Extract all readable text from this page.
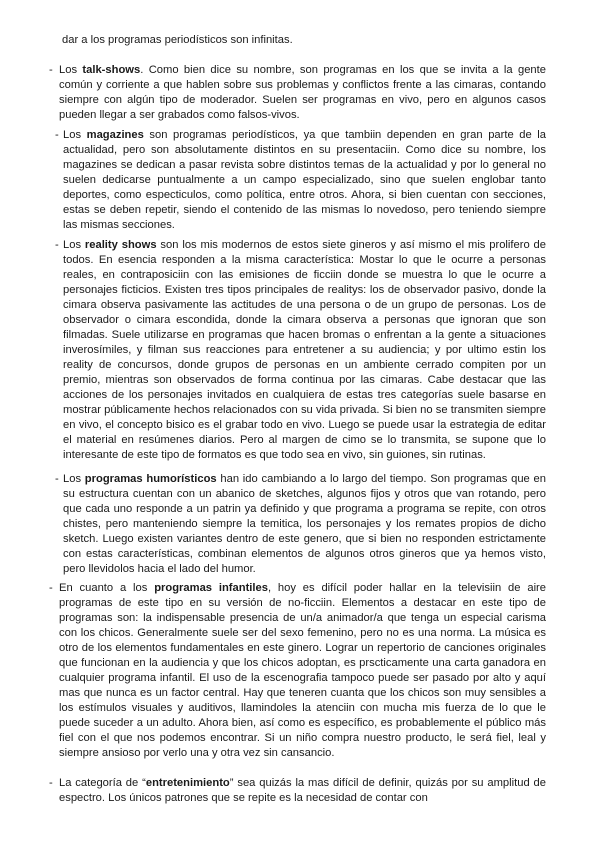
dar a los programas periodísticos son infinitas.

- Los talk-shows. Como bien dice su nombre, son programas en los que se invita a la gente común y corriente a que hablen sobre sus problemas y conflictos frente a las cimaras, contando siempre con algún tipo de moderador. Suelen ser programas en vivo, pero en algunos casos pueden llegar a ser grabados como falsos-vivos.
- Los magazines son programas periodísticos, ya que tambiin dependen en gran parte de la actualidad, pero son absolutamente distintos en su presentaciin. Como dice su nombre, los magazines se dedican a pasar revista sobre distintos temas de la actualidad y por lo general no suelen dedicarse puntualmente a un campo especializado, sino que suelen englobar tanto deportes, como especticulos, como política, entre otros. Ahora, si bien cuentan con secciones, estas se deben repetir, siendo el contenido de las mismas lo novedoso, pero teniendo siempre las mismas secciones.
- Los reality shows son los mis modernos de estos siete gineros y así mismo el mis prolifero de todos. En esencia responden a la misma característica: Mostar lo que le ocurre a personas reales, en contraposiciin con las emisiones de ficciin donde se muestra lo que le ocurre a personajes ficticios. Existen tres tipos principales de realitys: los de observador pasivo, donde la cimara observa pasivamente las actitudes de una persona o de un grupo de personas. Los de observador o cimara escondida, donde la cimara observa a personas que ignoran que son filmadas. Suele utilizarse en programas que hacen bromas o enfrentan a la gente a situaciones inverosímiles, y filman sus reacciones para entretener a su audiencia; y por ultimo estin los reality de concursos, donde grupos de personas en un ambiente cerrado compiten por un premio, mientras son observados de forma continua por las cimaras. Cabe destacar que las acciones de los personajes invitados en cualquiera de estas tres categorías suele basarse en mostrar públicamente hechos relacionados con su vida privada. Si bien no se transmiten siempre en vivo, el concepto bisico es el grabar todo en vivo. Luego se puede usar la estrategia de editar el material en resúmenes diarios. Pero al margen de cimo se lo transmita, se supone que lo interesante de este tipo de formatos es que todo sea en vivo, sin guiones, sin rutinas.
- Los programas humorísticos han ido cambiando a lo largo del tiempo. Son programas que en su estructura cuentan con un abanico de sketches, algunos fijos y otros que van rotando, pero que cada uno responde a un patrin ya definido y que programa a programa se repite, con otros chistes, pero manteniendo siempre la temitica, los personajes y los remates propios de dicho sketch. Luego existen variantes dentro de este genero, que si bien no responden estrictamente con estas características, combinan elementos de algunos otros gineros que ya hemos visto, pero llevidolos hacia el lado del humor.
- En cuanto a los programas infantiles, hoy es difícil poder hallar en la televisiin de aire programas de este tipo en su versión de no-ficciin. Elementos a destacar en este tipo de programas son: la indispensable presencia de un/a animador/a que tenga un especial carisma con los chicos. Generalmente suele ser del sexo femenino, pero no es una norma. La música es otro de los elementos fundamentales en este ginero. Lograr un repertorio de canciones originales que funcionan en la audiencia y que los chicos adoptan, es prscticamente una carta ganadora en cualquier programa infantil. El uso de la escenografia tampoco puede ser pasado por alto y aquí mas que nunca es un factor central. Hay que teneren cuanta que los chicos son muy sensibles a los estímulos visuales y auditivos, llamindoles la atenciin con mucha mis fuerza de lo que le puede suceder a un adulto. Ahora bien, así como es específico, es probablemente el público más fiel con el que nos podemos encontrar. Si un niño compra nuestro producto, le será fiel, leal y siempre ansioso por verlo una y otra vez sin cansancio.
- La categoría de “entretenimiento” sea quizás la mas difícil de definir, quizás por su amplitud de espectro. Los únicos patrones que se repite es la necesidad de contar con
